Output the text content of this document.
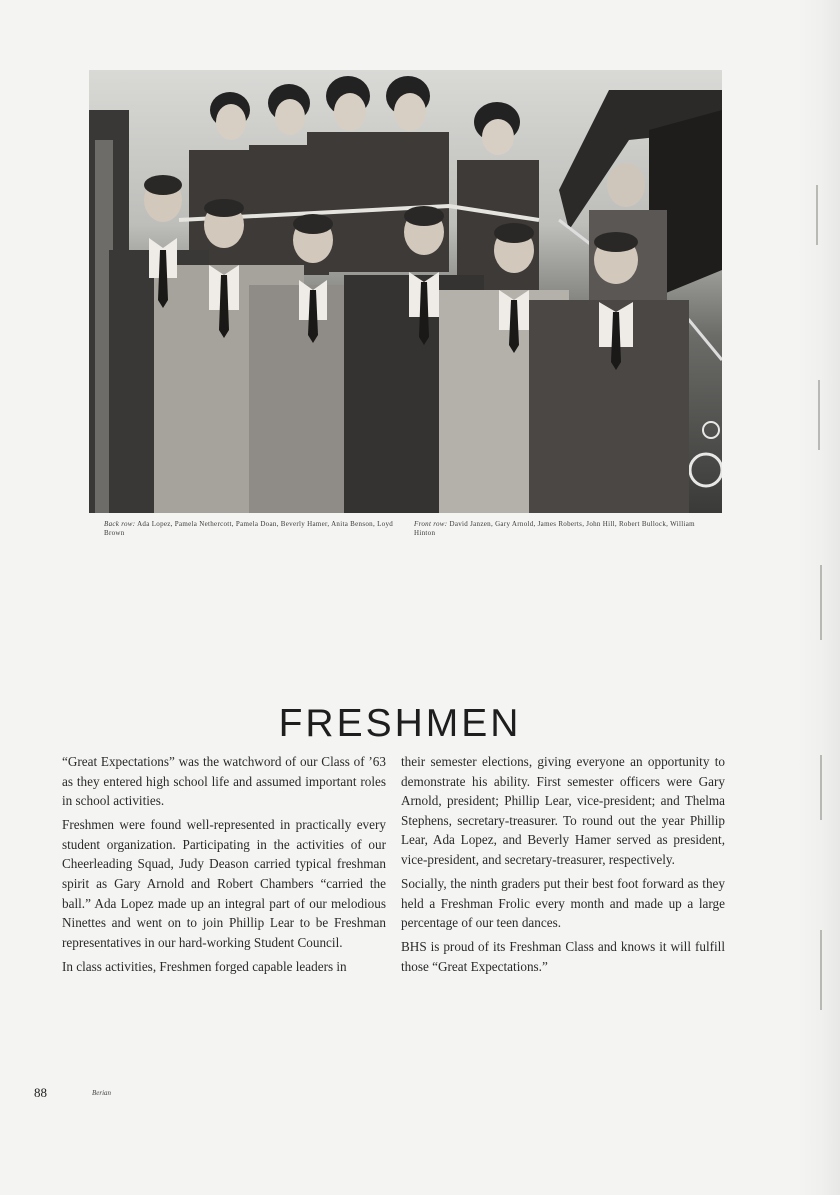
Back row: Ada Lopez, Pamela Nethercott, Pamela Doan, Beverly Hamer, Anita Benson, Loyd Brown
Front row: David Janzen, Gary Arnold, James Roberts, John Hill, Robert Bullock, William Hinton
FRESHMEN

“Great Expectations” was the watchword of our Class of ’63 as they entered high school life and assumed important roles in school activities.

Freshmen were found well-represented in practically every student organization. Participating in the activities of our Cheerleading Squad, Judy Deason carried typical freshman spirit as Gary Arnold and Robert Chambers “carried the ball.” Ada Lopez made up an integral part of our melodious Ninettes and went on to join Phillip Lear to be Freshman representatives in our hard-working Student Council.

In class activities, Freshmen forged capable leaders in

their semester elections, giving everyone an opportunity to demonstrate his ability. First semester officers were Gary Arnold, president; Phillip Lear, vice-president; and Thelma Stephens, secretary-treasurer. To round out the year Phillip Lear, Ada Lopez, and Beverly Hamer served as president, vice-president, and secretary-treasurer, respectively.

Socially, the ninth graders put their best foot forward as they held a Freshman Frolic every month and made up a large percentage of our teen dances.

BHS is proud of its Freshman Class and knows it will fulfill those “Great Expectations.”

88	Berian
